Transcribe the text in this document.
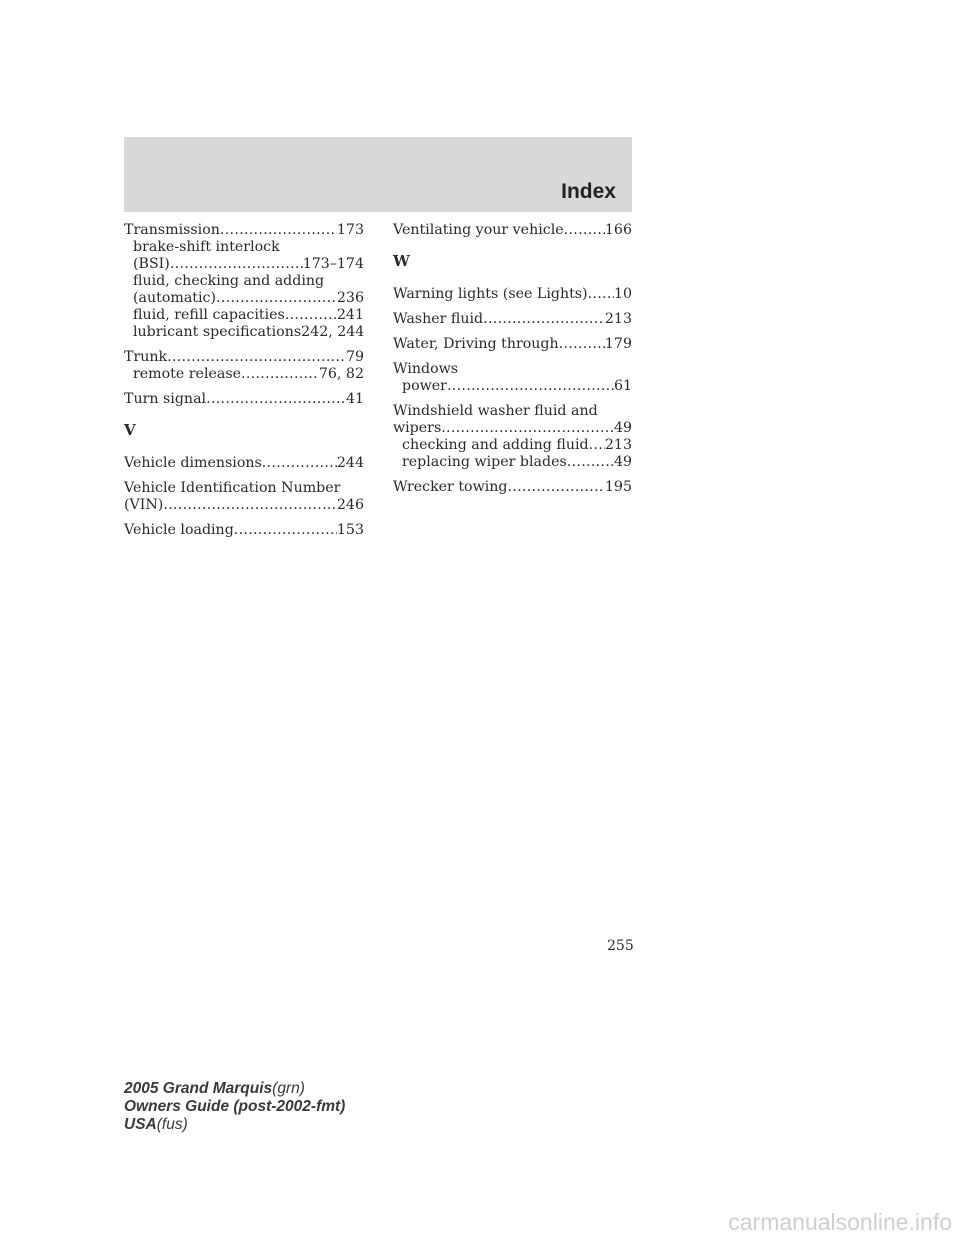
Index
Transmission .....	173
brake-shift interlock
(BSI) .....	173–174
fluid, checking and adding
(automatic) .....	236
fluid, refill capacities .....	241
lubricant specifications 242, 244
Trunk .....	79
remote release .....	76, 82
Turn signal .....	41
V
Vehicle dimensions .....	244
Vehicle Identification Number
(VIN) .....	246
Vehicle loading .....	153
Ventilating your vehicle .....	166
W
Warning lights (see Lights) ..... 10
Washer fluid .....	213
Water, Driving through .....	179
Windows
power .....	61
Windshield washer fluid and
wipers .....	49
checking and adding fluid ..... 213
replacing wiper blades .....	49
Wrecker towing .....	195
255
2005 Grand Marquis(grn)
Owners Guide (post-2002-fmt)
USA(fus)
carmanualsonline.info
